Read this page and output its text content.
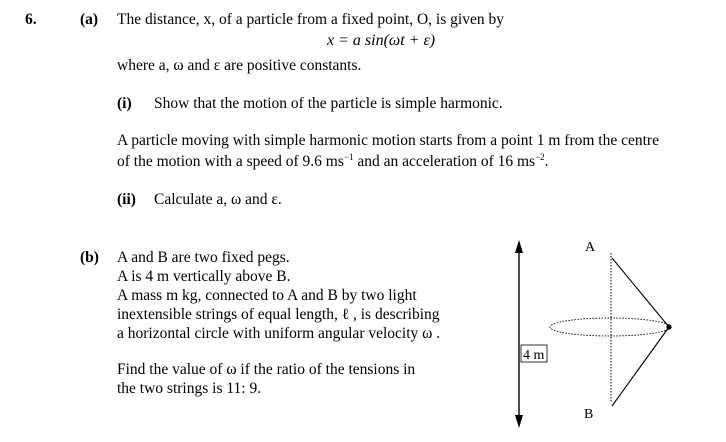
6.	(a) The distance, x, of a particle from a fixed point, O, is given by
x = a sin(ωt + ε)
where a, ω and ε are positive constants.
(i) Show that the motion of the particle is simple harmonic.
A particle moving with simple harmonic motion starts from a point 1 m from the centre
of the motion with a speed of 9.6 $ms^{-1}$ and an acceleration of 16 $ms^{-2}$.
(ii) Calculate a, ω and ε.
(b) A and B are two fixed pegs.
A is 4 m vertically above B.
A mass m kg, connected to A and B by two light
inextensible strings of equal length, ℓ , is describing
a horizontal circle with uniform angular velocity ω .
Find the value of ω if the ratio of the tensions in
the two strings is 11: 9.
4 m
A
B
